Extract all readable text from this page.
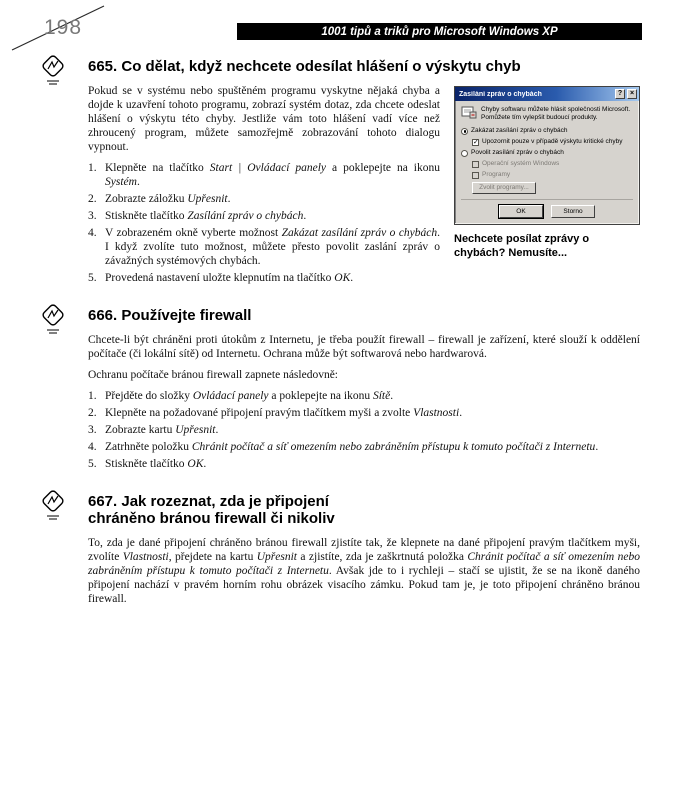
198	1001 tipů a triků pro Microsoft Windows XP
665. Co dělat, když nechcete odesílat hlášení o výskytu chyb
Zasílání zpráv o chybách	?	×
Chyby softwaru můžete hlásit společnosti Microsoft. Pomůžete tím vylepšit budoucí produkty.
Zakázat zasílání zpráv o chybách
✓ Upozornit pouze v případě výskytu kritické chyby
Povolit zasílání zpráv o chybách
Operační systém Windows
Programy
Zvolit programy...
OK	Storno
Nechcete posílat zprávy o chybách? Nemusíte...

Pokud se v systému nebo spuštěném programu vyskytne nějaká chyba a dojde k uzavření tohoto programu, zobrazí systém dotaz, zda chcete odeslat hlášení o výskytu této chyby. Jestliže vám toto hlášení vadí více než zhroucený program, můžete samozřejmě zobrazování tohoto dialogu vypnout.

Klepněte na tlačítko Start | Ovládací panely a poklepejte na ikonu Systém.
Zobrazte záložku Upřesnit.
Stiskněte tlačítko Zasílání zpráv o chybách.
V zobrazeném okně vyberte možnost Zakázat zasílání zpráv o chybách. I když zvolíte tuto možnost, můžete přesto povolit zaslání zpráv o závažných systémových chybách.
Provedená nastavení uložte klepnutím na tlačítko OK.
666. Používejte firewall

Chcete-li být chráněni proti útokům z Internetu, je třeba použít firewall – firewall je zařízení, které slouží k oddělení počítače (či lokální sítě) od Internetu. Ochrana může být softwarová nebo hardwarová.

Ochranu počítače bránou firewall zapnete následovně:

Přejděte do složky Ovládací panely a poklepejte na ikonu Sítě.
Klepněte na požadované připojení pravým tlačítkem myši a zvolte Vlastnosti.
Zobrazte kartu Upřesnit.
Zatrhněte položku Chránit počítač a síť omezením nebo zabráněním přístupu k tomuto počítači z Internetu.
Stiskněte tlačítko OK.
667. Jak rozeznat, zda je připojení chráněno bránou firewall či nikoliv

To, zda je dané připojení chráněno bránou firewall zjistíte tak, že klepnete na dané připojení pravým tlačítkem myši, zvolíte Vlastnosti, přejdete na kartu Upřesnit a zjistíte, zda je zaškrtnutá položka Chránit počítač a síť omezením nebo zabráněním přístupu k tomuto počítači z Internetu. Avšak jde to i rychleji – stačí se ujistit, že se na ikoně daného připojení nachází v pravém horním rohu obrázek visacího zámku. Pokud tam je, je toto připojení chráněno bránou firewall.
